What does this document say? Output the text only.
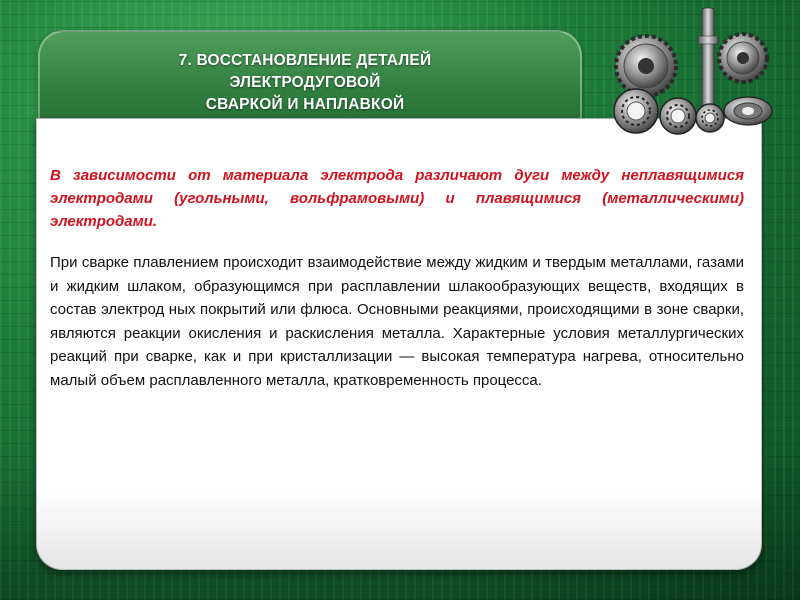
7. ВОССТАНОВЛЕНИЕ ДЕТАЛЕЙ
ЭЛЕКТРОДУГОВОЙ
СВАРКОЙ И НАПЛАВКОЙ

В зависимости от материала электрода различают дуги между неплавящимися электродами (угольными, вольфрамовыми) и плавящимися (металлическими) электродами.

При сварке плавлением происходит взаимодействие между жидким и твердым металлами, газами и жидким шлаком, образующимся при расплавлении шлакообразующих веществ, входящих в состав электрод ных покрытий или флюса. Основными реакциями, происходящими в зоне сварки, являются реакции окисления и раскисления металла. Характерные условия металлургических реакций при сварке, как и при кристаллизации — высокая температура нагрева, относительно малый объем расплавленного металла, кратковременность процесса.
